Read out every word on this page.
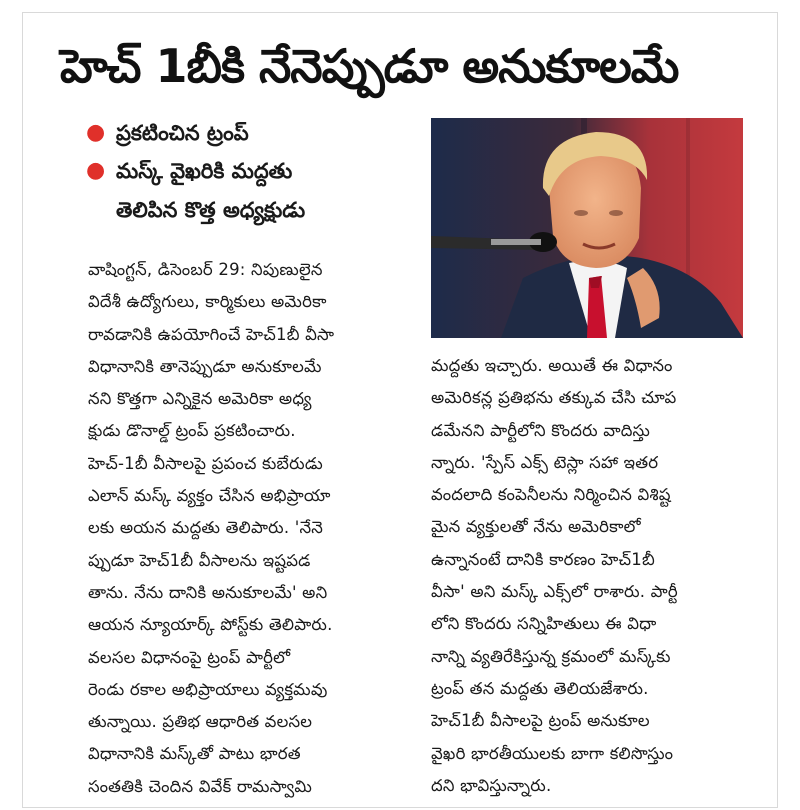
హెచ్ 1బీకి నేనెప్పుడూ అనుకూలమే
● ప్రకటించిన ట్రంప్
● మస్క్ వైఖరికి మద్దతు
తెలిపిన కొత్త అధ్యక్షుడు
వాషింగ్టన్, డిసెంబర్ 29: నిపుణులైన
విదేశీ ఉద్యోగులు, కార్మికులు అమెరికా
రావడానికి ఉపయోగించే హెచ్1బీ వీసా
విధానానికి తానెప్పుడూ అనుకూలమే
నని కొత్తగా ఎన్నికైన అమెరికా అధ్య
క్షుడు డొనాల్డ్ ట్రంప్ ప్రకటించారు.
హెచ్-1బీ వీసాలపై ప్రపంచ కుబేరుడు
ఎలాన్ మస్క్ వ్యక్తం చేసిన అభిప్రాయా
లకు అయన మద్దతు తెలిపారు. 'నేనె
ప్పుడూ హెచ్1బీ వీసాలను ఇష్టపడ
తాను. నేను దానికి అనుకూలమే' అని
ఆయన న్యూయార్క్ పోస్ట్‌కు తెలిపారు.
వలసల విధానంపై ట్రంప్ పార్టీలో
రెండు రకాల అభిప్రాయాలు వ్యక్తమవు
తున్నాయి. ప్రతిభ ఆధారిత వలసల
విధానానికి మస్క్‌తో పాటు భారత
సంతతికి చెందిన వివేక్ రామస్వామి
మద్దతు ఇచ్చారు. అయితే ఈ విధానం
అమెరికన్ల ప్రతిభను తక్కువ చేసి చూప
డమేనని పార్టీలోని కొందరు వాదిస్తు
న్నారు. 'స్పేస్ ఎక్స్ టెస్లా సహా ఇతర
వందలాది కంపెనీలను నిర్మించిన విశిష్ట
మైన వ్యక్తులతో నేను అమెరికాలో
ఉన్నానంటే దానికి కారణం హెచ్1బీ
వీసా' అని మస్క్ ఎక్స్‌లో రాశారు. పార్టీ
లోని కొందరు సన్నిహితులు ఈ విధా
నాన్ని వ్యతిరేకిస్తున్న క్రమంలో మస్క్‌కు
ట్రంప్ తన మద్దతు తెలియజేశారు.
హెచ్1బీ వీసాలపై ట్రంప్ అనుకూల
వైఖరి భారతీయులకు బాగా కలిసొస్తుం
దని భావిస్తున్నారు.
